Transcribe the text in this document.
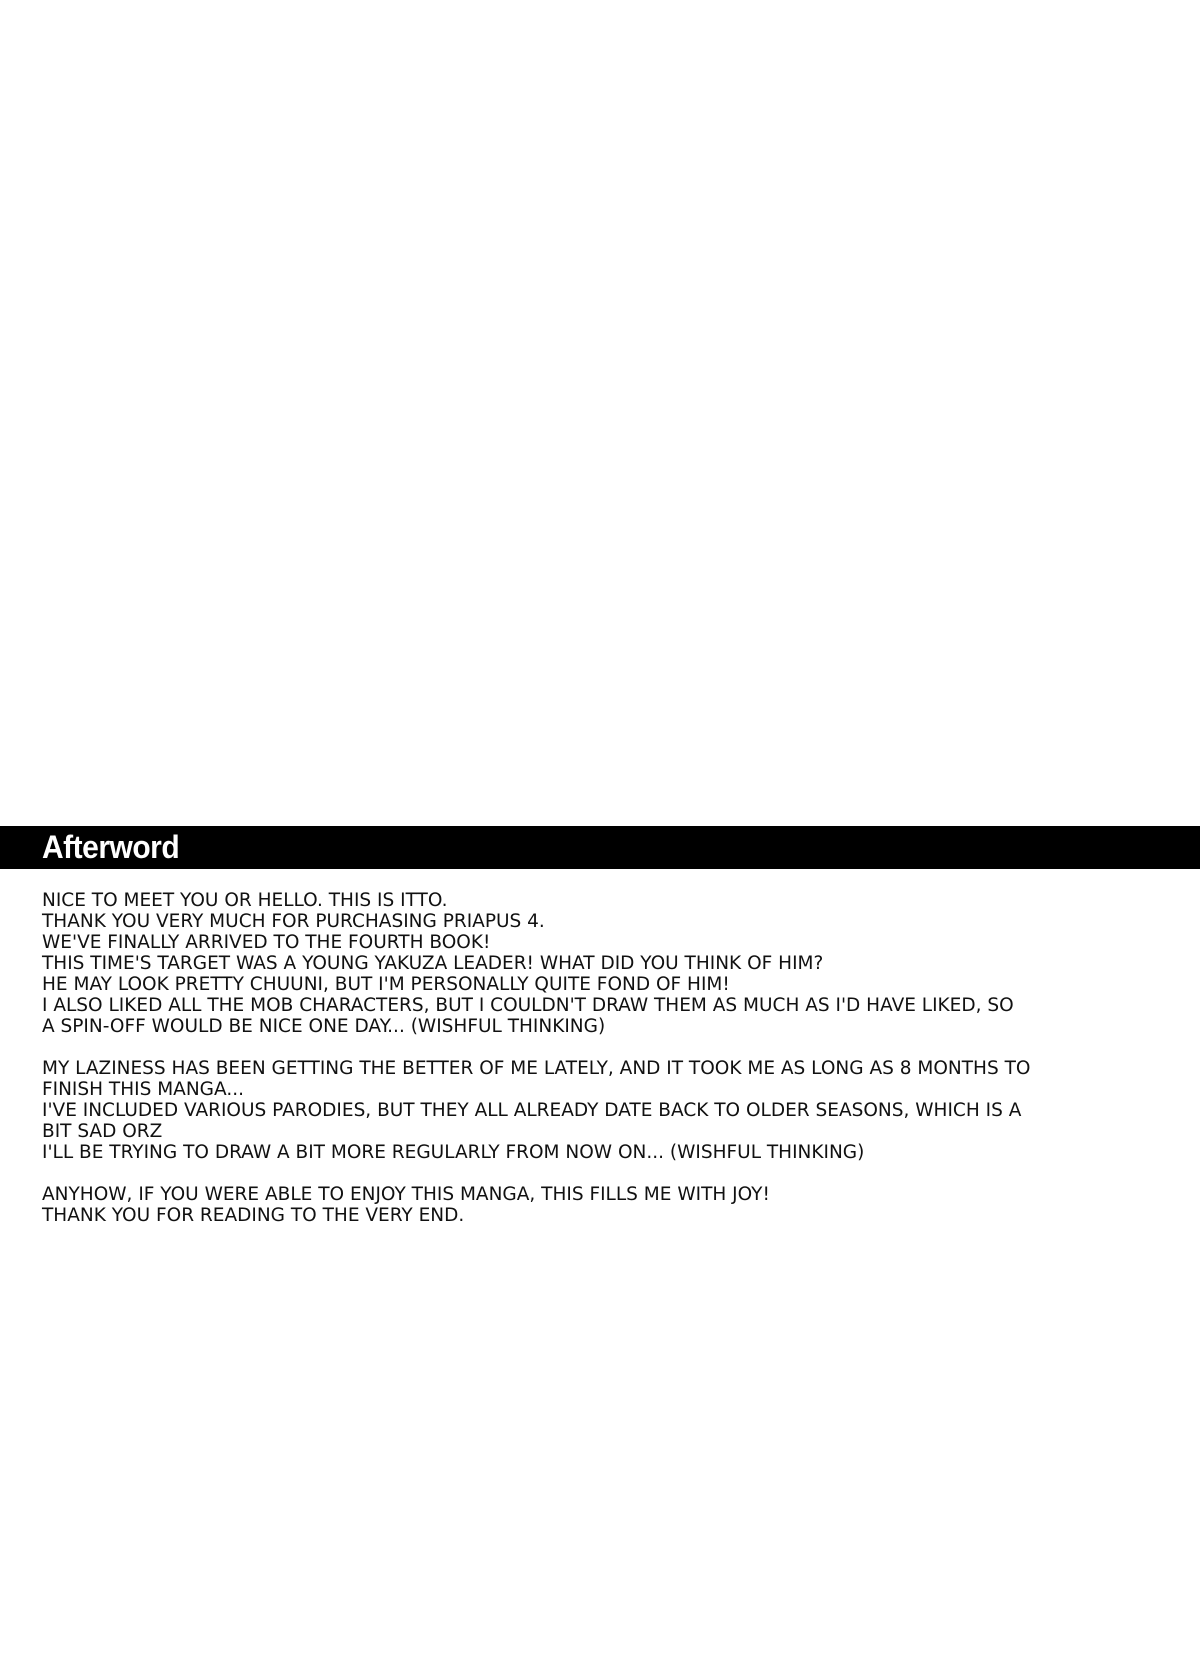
Afterword
NICE TO MEET YOU OR HELLO. THIS IS ITTO.
THANK YOU VERY MUCH FOR PURCHASING PRIAPUS 4.
WE'VE FINALLY ARRIVED TO THE FOURTH BOOK!
THIS TIME'S TARGET WAS A YOUNG YAKUZA LEADER! WHAT DID YOU THINK OF HIM?
HE MAY LOOK PRETTY CHUUNI, BUT I'M PERSONALLY QUITE FOND OF HIM!
I ALSO LIKED ALL THE MOB CHARACTERS, BUT I COULDN'T DRAW THEM AS MUCH AS I'D HAVE LIKED, SO
A SPIN-OFF WOULD BE NICE ONE DAY... (WISHFUL THINKING)
MY LAZINESS HAS BEEN GETTING THE BETTER OF ME LATELY, AND IT TOOK ME AS LONG AS 8 MONTHS TO
FINISH THIS MANGA...
I'VE INCLUDED VARIOUS PARODIES, BUT THEY ALL ALREADY DATE BACK TO OLDER SEASONS, WHICH IS A
BIT SAD ORZ
I'LL BE TRYING TO DRAW A BIT MORE REGULARLY FROM NOW ON... (WISHFUL THINKING)
ANYHOW, IF YOU WERE ABLE TO ENJOY THIS MANGA, THIS FILLS ME WITH JOY!
THANK YOU FOR READING TO THE VERY END.
